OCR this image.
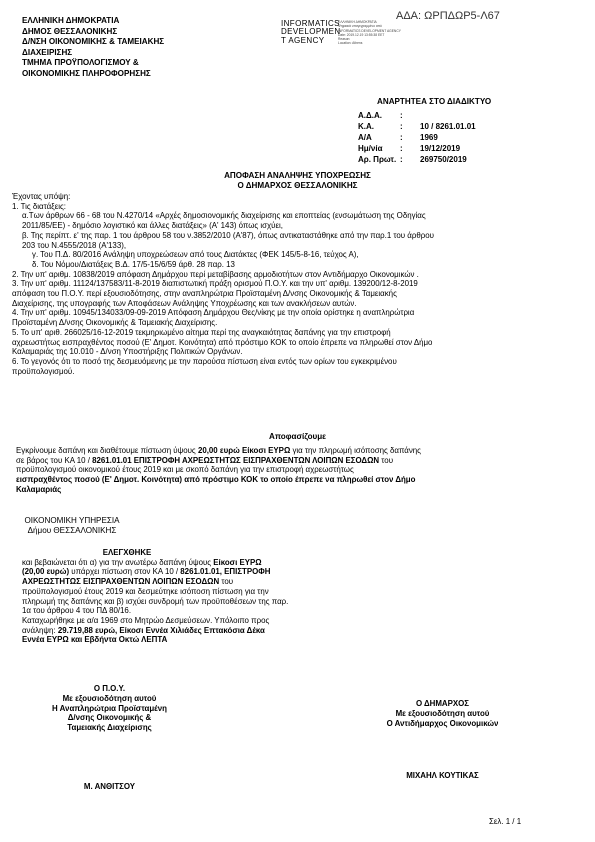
ΑΔΑ: ΩΡΠΔΩΡ5-Λ67
ΕΛΛΗΝΙΚΗ ΔΗΜΟΚΡΑΤΙΑ
ΔΗΜΟΣ ΘΕΣΣΑΛΟΝΙΚΗΣ
Δ/ΝΣΗ ΟΙΚΟΝΟΜΙΚΗΣ & ΤΑΜΕΙΑΚΗΣ
ΔΙΑΧΕΙΡΙΣΗΣ
ΤΜΗΜΑ ΠΡΟΫΠΟΛΟΓΙΣΜΟΥ &
ΟΙΚΟΝΟΜΙΚΗΣ ΠΛΗΡΟΦΟΡΗΣΗΣ
INFORMATICS
DEVELOPMEN
T AGENCY
ΕΛΛΗΝΙΚΗ ΔΗΜΟΚΡΑΤΙΑ
Ψηφιακά υπογεγραμμένο από
INFORMATICS DEVELOPMENT AGENCY
Date: 2019.12.19 13:55:38 EET
Reason:
Location: Athens
ΑΝΑΡΤΗΤΕΑ ΣΤΟ ΔΙΑΔΙΚΤΥΟ
Α.Δ.Α. :
Κ.Α.	: 10 / 8261.01.01
Α/Α	: 1969
Ημ/νία : 19/12/2019
Αρ. Πρωτ. : 269750/2019
ΑΠΟΦΑΣΗ ΑΝΑΛΗΨΗΣ ΥΠΟΧΡΕΩΣΗΣ
Ο ΔΗΜΑΡΧΟΣ ΘΕΣΣΑΛΟΝΙΚΗΣ

Έχοντας υπόψη:

1. Τις διατάξεις:

α.Των άρθρων 66 - 68 του Ν.4270/14 «Αρχές δημοσιονομικής διαχείρισης και εποπτείας (ενσωμάτωση της Οδηγίας

2011/85/ΕΕ) - δημόσιο λογιστικό και άλλες διατάξεις» (Α' 143) όπως ισχύει,

β. Της περίπτ. ε' της παρ. 1 του άρθρου 58 του ν.3852/2010 (Α'87), όπως αντικαταστάθηκε από την παρ.1 του άρθρου

203 του Ν.4555/2018 (Α'133),

γ. Του Π.Δ. 80/2016 Ανάληψη υποχρεώσεων από τους Διατάκτες (ΦΕΚ 145/5-8-16, τεύχος Α),

δ. Του Νόμου/Διατάξεις Β.Δ. 17/5-15/6/59 άρθ. 28 παρ. 13

2. Την υπ' αριθμ. 10838/2019 απόφαση Δημάρχου περί μεταβίβασης αρμοδιοτήτων στον Αντιδήμαρχο Οικονομικών .

3. Την υπ' αριθμ. 11124/137583/11-8-2019 διαπιστωτική πράξη ορισμού Π.Ο.Υ. και την υπ' αριθμ. 139200/12-8-2019

απόφαση του Π.Ο.Υ. περί εξουσιοδότησης, στην αναπληρώτρια Προϊσταμένη Δ/νσης Οικονομικής & Ταμειακής

Διαχείρισης, της υπογραφής των Αποφάσεων Ανάληψης Υποχρέωσης και των ανακλήσεων αυτών.

4. Την υπ' αριθμ. 10945/134033/09-09-2019 Απόφαση Δημάρχου Θες/νίκης με την οποία ορίστηκε η αναπληρώτρια

Προϊσταμένη Δ/νσης Οικονομικής & Ταμειακής Διαχείρισης.

5. Το υπ' αριθ. 266025/16-12-2019 τεκμηριωμένο αίτημα περί της αναγκαιότητας δαπάνης για την επιστροφή

αχρεωστήτως εισπραχθέντος ποσού (Ε' Δημοτ. Κοινότητα) από πρόστιμο ΚΟΚ το οποίο έπρεπε να πληρωθεί στον Δήμο

Καλαμαριάς της 10.010 - Δ/νση Υποστήριξης Πολιτικών Οργάνων.

6. Το γεγονός ότι το ποσό της δεσμευόμενης με την παρούσα πίστωση είναι εντός των ορίων του εγκεκριμένου

προϋπολογισμού.

Αποφασίζουμε

Εγκρίνουμε δαπάνη και διαθέτουμε πίστωση ύψους 20,00 ευρώ Είκοσι ΕΥΡΩ για την πληρωμή ισόποσης δαπάνης

σε βάρος του ΚΑ 10 / 8261.01.01 ΕΠΙΣΤΡΟΦΗ ΑΧΡΕΩΣΤΗΤΩΣ ΕΙΣΠΡΑΧΘΕΝΤΩΝ ΛΟΙΠΩΝ ΕΣΟΔΩΝ του

προϋπολογισμού οικονομικού έτους 2019 και με σκοπό δαπάνη για την επιστροφή αχρεωστήτως

εισπραχθέντος ποσού (Ε' Δημοτ. Κοινότητα) από πρόστιμο ΚΟΚ το οποίο έπρεπε να πληρωθεί στον Δήμο

Καλαμαριάς

ΟΙΚΟΝΟΜΙΚΗ ΥΠΗΡΕΣΙΑ
Δήμου ΘΕΣΣΑΛΟΝΙΚΗΣ

ΕΛΕΓΧΘΗΚΕ

και βεβαιώνεται ότι α) για την ανωτέρω δαπάνη ύψους Είκοσι ΕΥΡΩ

(20,00 ευρώ) υπάρχει πίστωση στον ΚΑ 10 / 8261.01.01, ΕΠΙΣΤΡΟΦΗ

ΑΧΡΕΩΣΤΗΤΩΣ ΕΙΣΠΡΑΧΘΕΝΤΩΝ ΛΟΙΠΩΝ ΕΣΟΔΩΝ του

προϋπολογισμού έτους 2019 και δεσμεύτηκε ισόποση πίστωση για την

πληρωμή της δαπάνης και β) ισχύει συνδρομή των προϋποθέσεων της παρ.

1α του άρθρου 4 του ΠΔ 80/16.

Καταχωρήθηκε με α/α 1969 στο Μητρώο Δεσμεύσεων. Υπόλοιπο προς

ανάληψη: 29.719,88 ευρώ, Είκοσι Εννέα Χιλιάδες Επτακόσια Δέκα

Εννέα ΕΥΡΩ και Εβδήντα Οκτώ ΛΕΠΤΑ

Ο Π.Ο.Υ.
Με εξουσιοδότηση αυτού
Η Αναπληρώτρια Προϊσταμένη
Δ/νσης Οικονομικής &
Ταμειακής Διαχείρισης
Μ. ΑΝΘΙΤΣΟΥ
Ο ΔΗΜΑΡΧΟΣ
Με εξουσιοδότηση αυτού
Ο Αντιδήμαρχος Οικονομικών
ΜΙΧΑΗΛ ΚΟΥΤΙΚΑΣ
Σελ. 1 / 1
